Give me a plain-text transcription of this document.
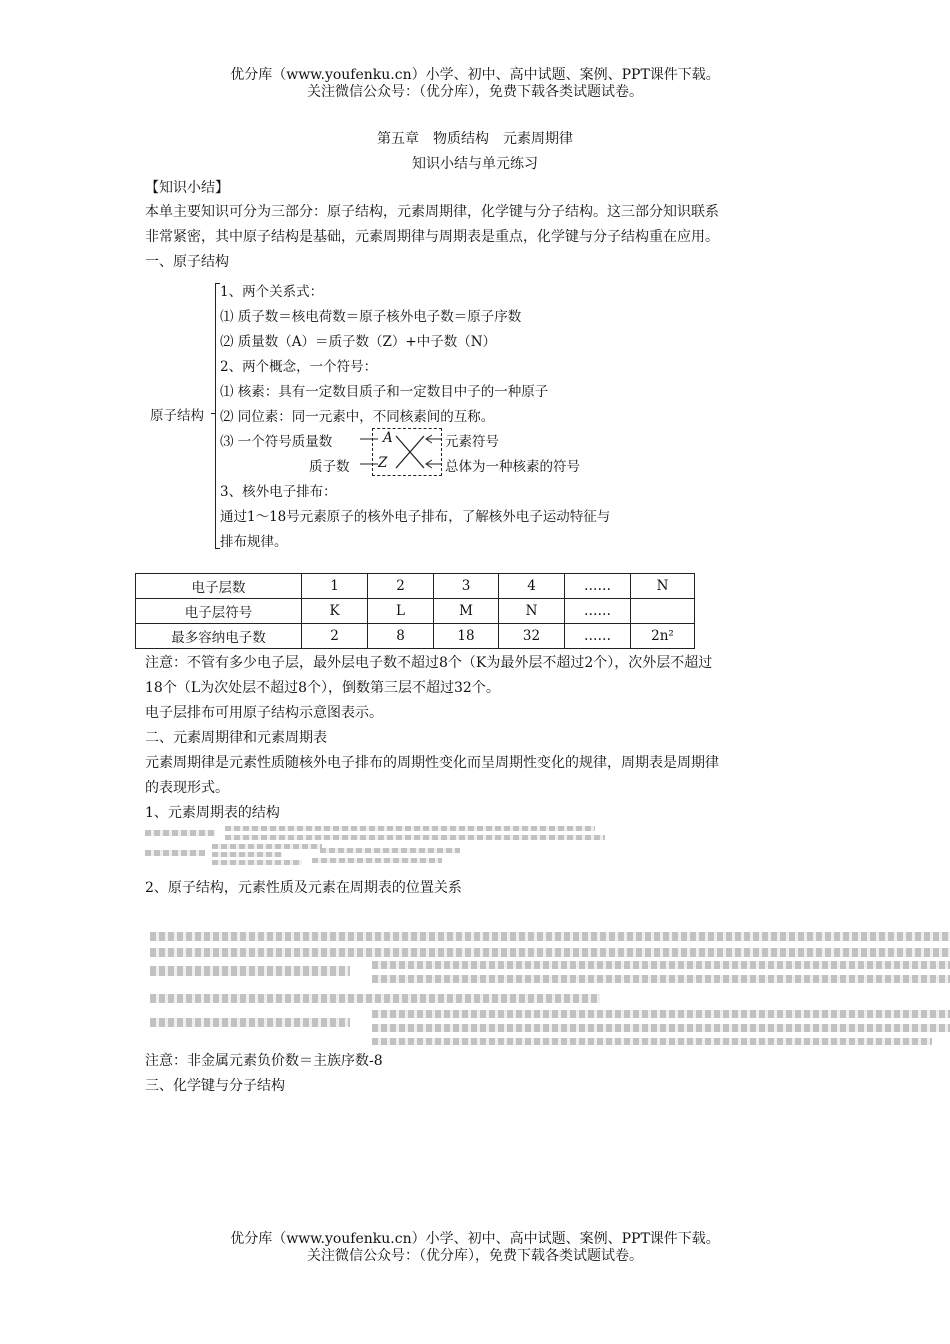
优分库（www.youfenku.cn）小学、初中、高中试题、案例、PPT课件下载。
关注微信公众号：（优分库），免费下载各类试题试卷。
第五章　物质结构　元素周期律
知识小结与单元练习
【知识小结】
本单主要知识可分为三部分：原子结构，元素周期律，化学键与分子结构。这三部分知识联系
非常紧密，其中原子结构是基础，元素周期律与周期表是重点，化学键与分子结构重在应用。
一、原子结构
原子结构
1、两个关系式：
⑴ 质子数＝核电荷数＝原子核外电子数＝原子序数
⑵ 质量数（A）＝质子数（Z）+中子数（N）
2、两个概念，一个符号：
⑴ 核素：具有一定数目质子和一定数目中子的一种原子
⑵ 同位素：同一元素中，不同核素间的互称。
⑶ 一个符号质量数
质子数
A
Z
元素符号
总体为一种核素的符号
3、核外电子排布：
通过1～18号元素原子的核外电子排布，了解核外电子运动特征与
排布规律。
电子层数	1	2	3	4	……	N
电子层符号	K	L	M	N	……	
最多容纳电子数	2	8	18	32	……	2n²
注意：不管有多少电子层，最外层电子数不超过8个（K为最外层不超过2个），次外层不超过
18个（L为次处层不超过8个），倒数第三层不超过32个。
电子层排布可用原子结构示意图表示。
二、元素周期律和元素周期表
元素周期律是元素性质随核外电子排布的周期性变化而呈周期性变化的规律，周期表是周期律
的表现形式。
1、元素周期表的结构
2、原子结构，元素性质及元素在周期表的位置关系
注意：非金属元素负价数＝主族序数-8
三、化学键与分子结构
优分库（www.youfenku.cn）小学、初中、高中试题、案例、PPT课件下载。
关注微信公众号：（优分库），免费下载各类试题试卷。
